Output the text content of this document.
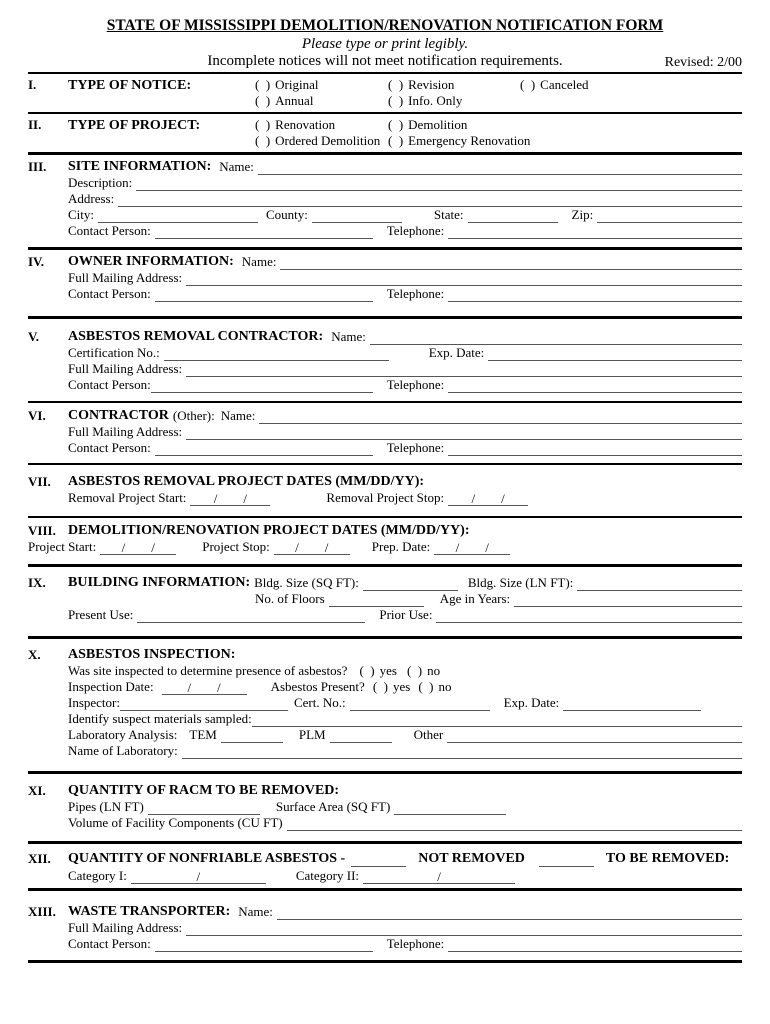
STATE OF MISSISSIPPI DEMOLITION/RENOVATION NOTIFICATION FORM
Please type or print legibly.
Incomplete notices will not meet notification requirements.	Revised: 2/00
I. TYPE OF NOTICE:	(  ) Original	(  ) Revision	(  ) Canceled
(  ) Annual	(  ) Info. Only
II. TYPE OF PROJECT:	(  ) Renovation	(  ) Demolition
(  ) Ordered Demolition (  ) Emergency Renovation
III.	SITE INFORMATION: Name:
Description:
Address:
City:	County:	State:	Zip:
Contact Person:	Telephone:
IV.	OWNER INFORMATION: Name:
Full Mailing Address:
Contact Person:	Telephone:
V.	ASBESTOS REMOVAL CONTRACTOR: Name:
Certification No.:	Exp. Date:
Full Mailing Address:
Contact Person:	Telephone:
VI.	CONTRACTOR (Other): Name:
Full Mailing Address:
Contact Person:	Telephone:
VII.	ASBESTOS REMOVAL PROJECT DATES (MM/DD/YY):
Removal Project Start:	/        /	Removal Project Stop:	/        /
VIII. DEMOLITION/RENOVATION PROJECT DATES (MM/DD/YY):
Project Start:	/        /	Project Stop:	/        /	Prep. Date:	/        /
IX.	BUILDING INFORMATION: Bldg. Size (SQ FT):	Bldg. Size (LN FT):
No. of Floors	Age in Years:
Present Use:	Prior Use:
X.	ASBESTOS INSPECTION:
Was site inspected to determine presence of asbestos? (  ) yes (  ) no
Inspection Date:	/        /	Asbestos Present? (  ) yes (  ) no
Inspector:	Cert. No.:	Exp. Date:
Identify suspect materials sampled:
Laboratory Analysis: TEM	PLM	Other
Name of Laboratory:
XI.	QUANTITY OF RACM TO BE REMOVED:
Pipes (LN FT)	Surface Area (SQ FT)
Volume of Facility Components (CU FT)
XII.	QUANTITY OF NONFRIABLE ASBESTOS -	NOT REMOVED	TO BE REMOVED:
Category I:	/	Category II:	/
XIII. WASTE TRANSPORTER: Name:
Full Mailing Address:
Contact Person:	Telephone:
